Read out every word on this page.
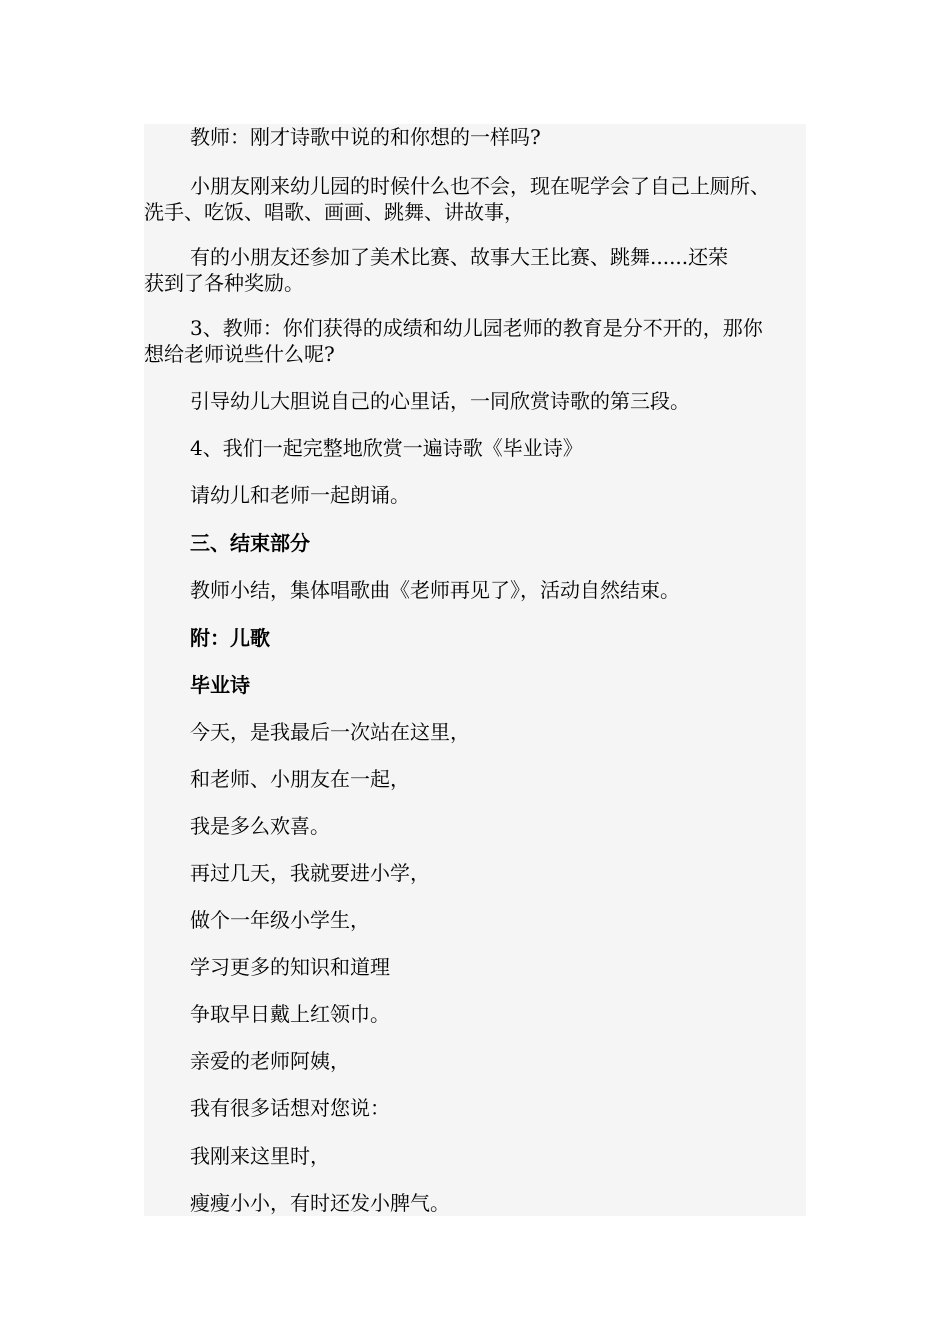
教师：刚才诗歌中说的和你想的一样吗?
小朋友刚来幼儿园的时候什么也不会，现在呢学会了自己上厕所、
洗手、吃饭、唱歌、画画、跳舞、讲故事，
有的小朋友还参加了美术比赛、故事大王比赛、跳舞......还荣
获到了各种奖励。
3、教师：你们获得的成绩和幼儿园老师的教育是分不开的，那你
想给老师说些什么呢?
引导幼儿大胆说自己的心里话，一同欣赏诗歌的第三段。
4、我们一起完整地欣赏一遍诗歌《毕业诗》
请幼儿和老师一起朗诵。
三、结束部分
教师小结，集体唱歌曲《老师再见了》，活动自然结束。
附：儿歌
毕业诗
今天，是我最后一次站在这里，
和老师、小朋友在一起，
我是多么欢喜。
再过几天，我就要进小学，
做个一年级小学生，
学习更多的知识和道理
争取早日戴上红领巾。
亲爱的老师阿姨，
我有很多话想对您说：
我刚来这里时，
瘦瘦小小，有时还发小脾气。
